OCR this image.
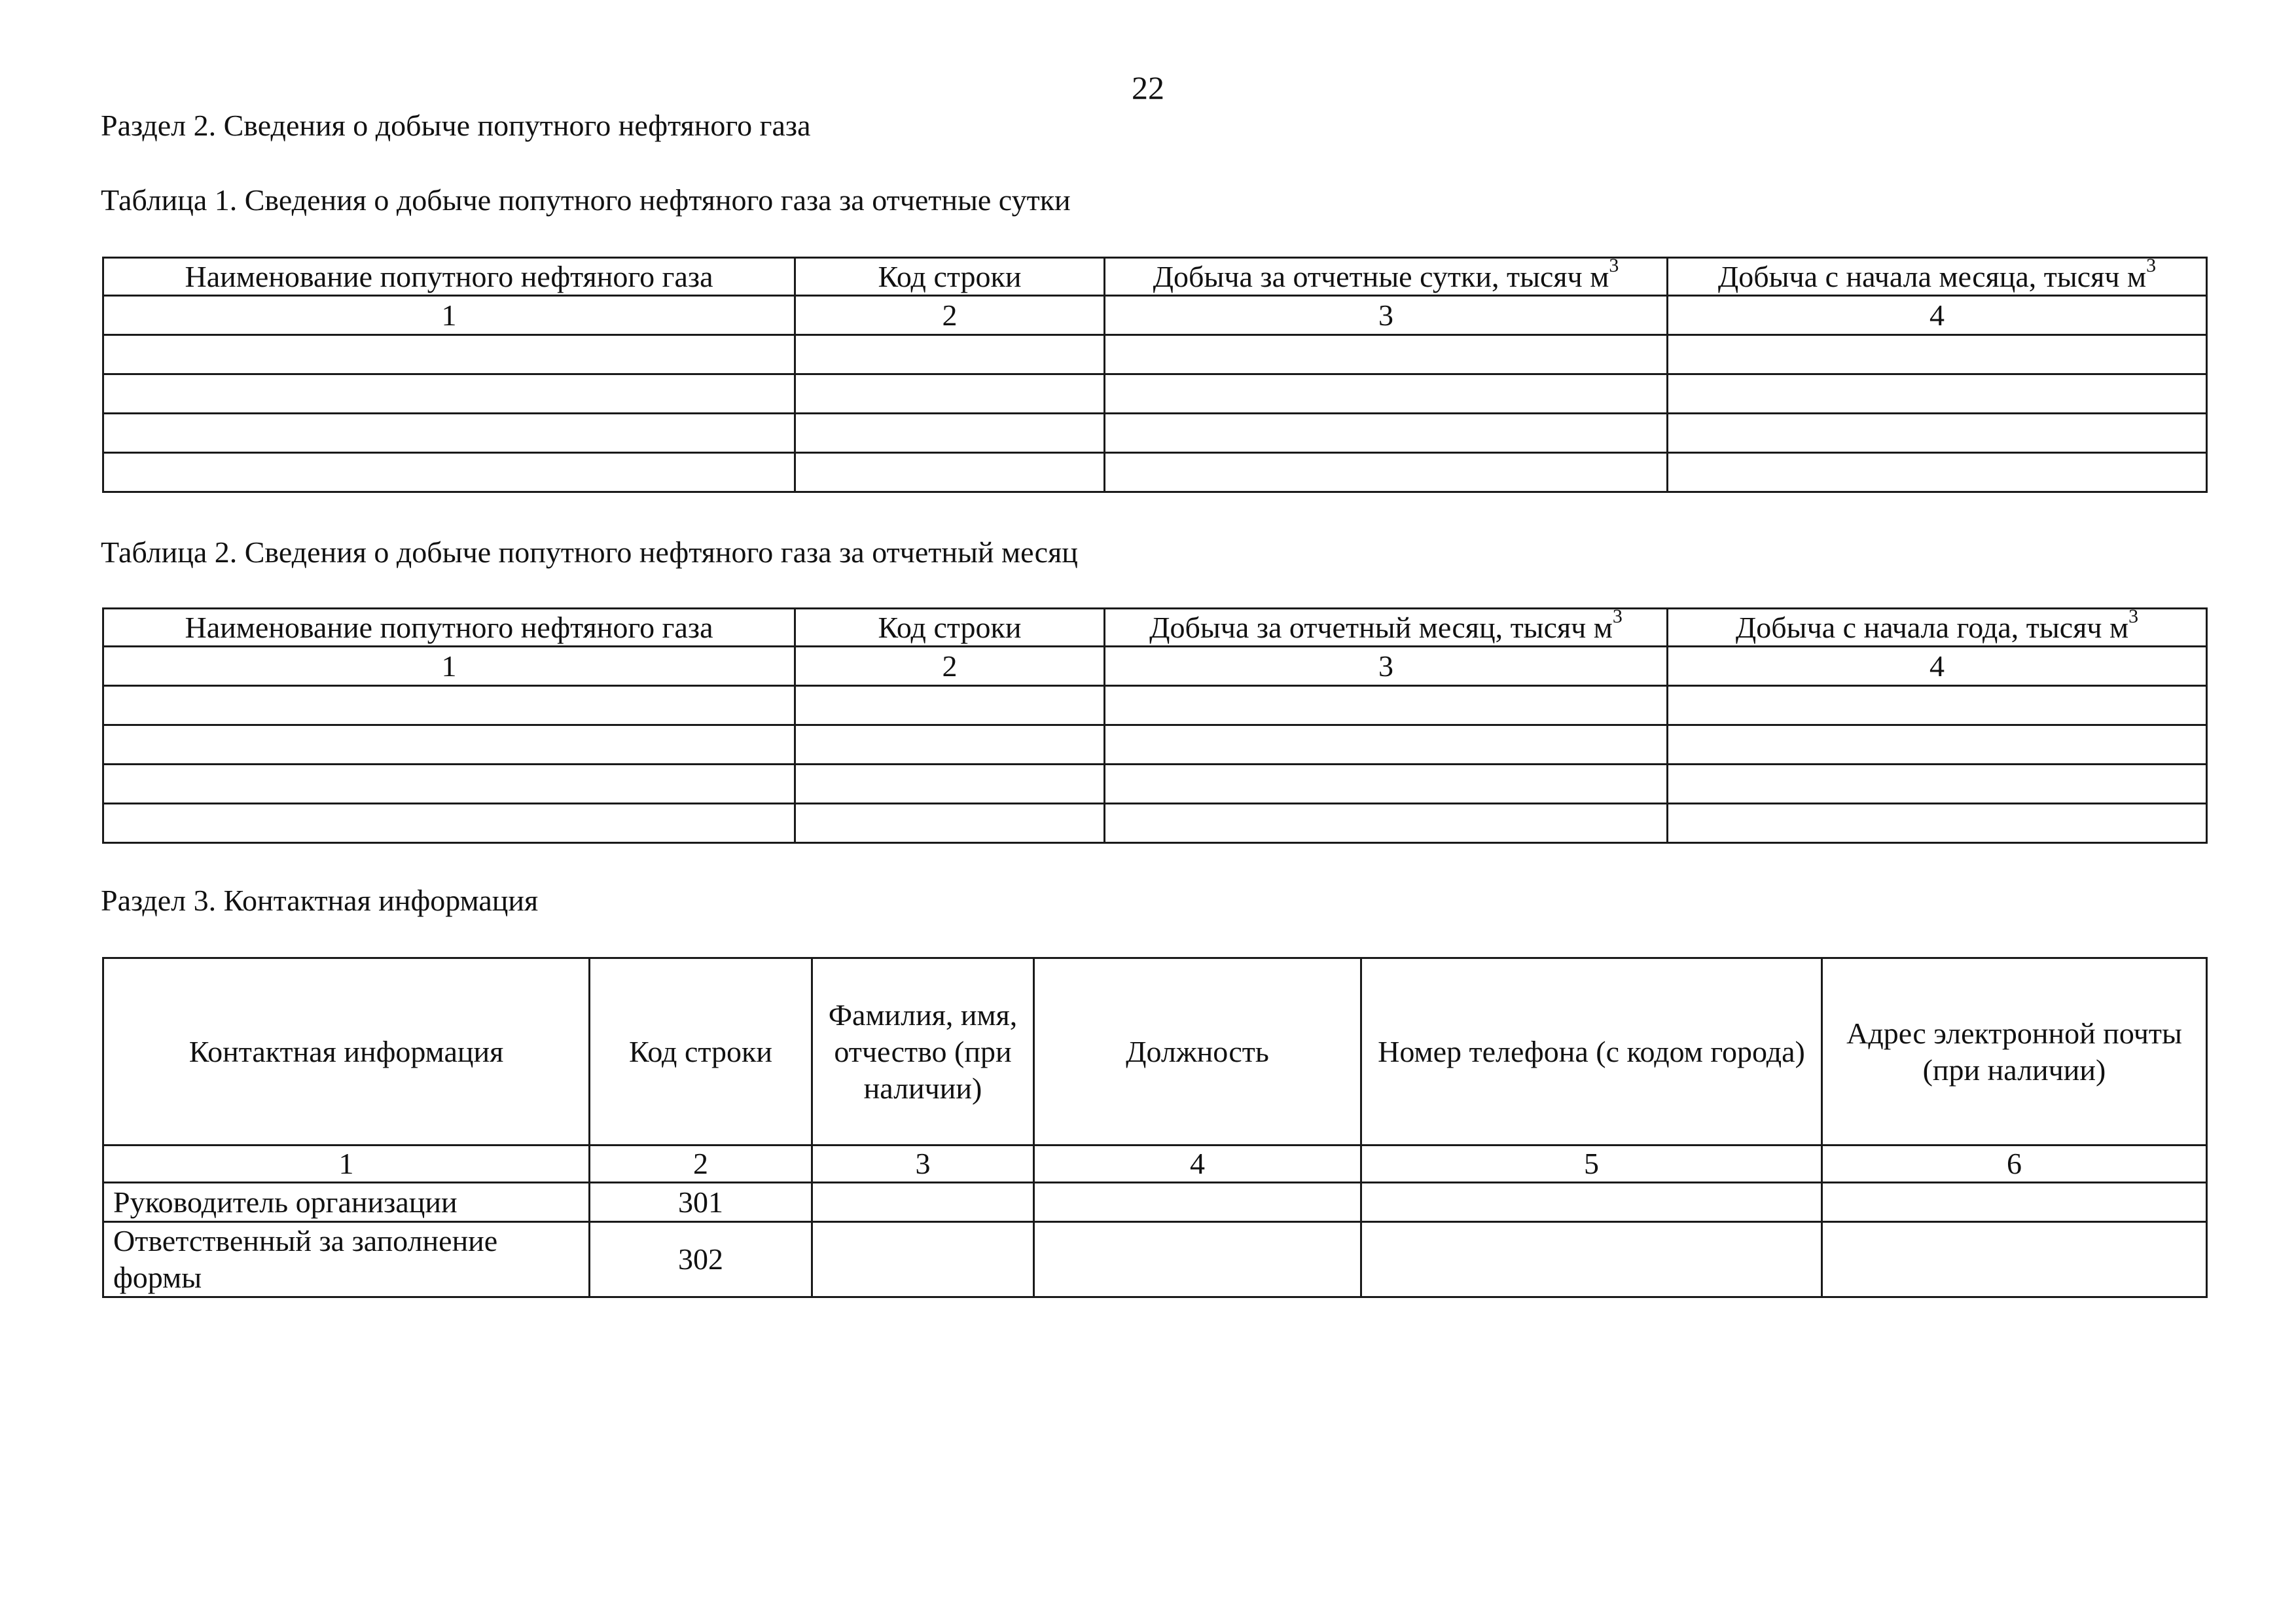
22
Раздел 2. Сведения о добыче попутного нефтяного газа
Таблица 1. Сведения о добыче попутного нефтяного газа за отчетные сутки
Наименование попутного нефтяного газа	Код строки	Добыча за отчетные сутки, тысяч $м^3$	Добыча с начала месяца, тысяч $м^3$
1	2	3	4

Таблица 2. Сведения о добыче попутного нефтяного газа за отчетный месяц
Наименование попутного нефтяного газа	Код строки	Добыча за отчетный месяц, тысяч $м^3$	Добыча с начала года, тысяч $м^3$
1	2	3	4

Раздел 3. Контактная информация
Контактная информация	Код строки	Фамилия, имя, отчество (при наличии)	Должность	Номер телефона (с кодом города)	Адрес электронной почты (при наличии)
1	2	3	4	5	6
Руководитель организации	301				
Ответственный за заполнение формы	302				
